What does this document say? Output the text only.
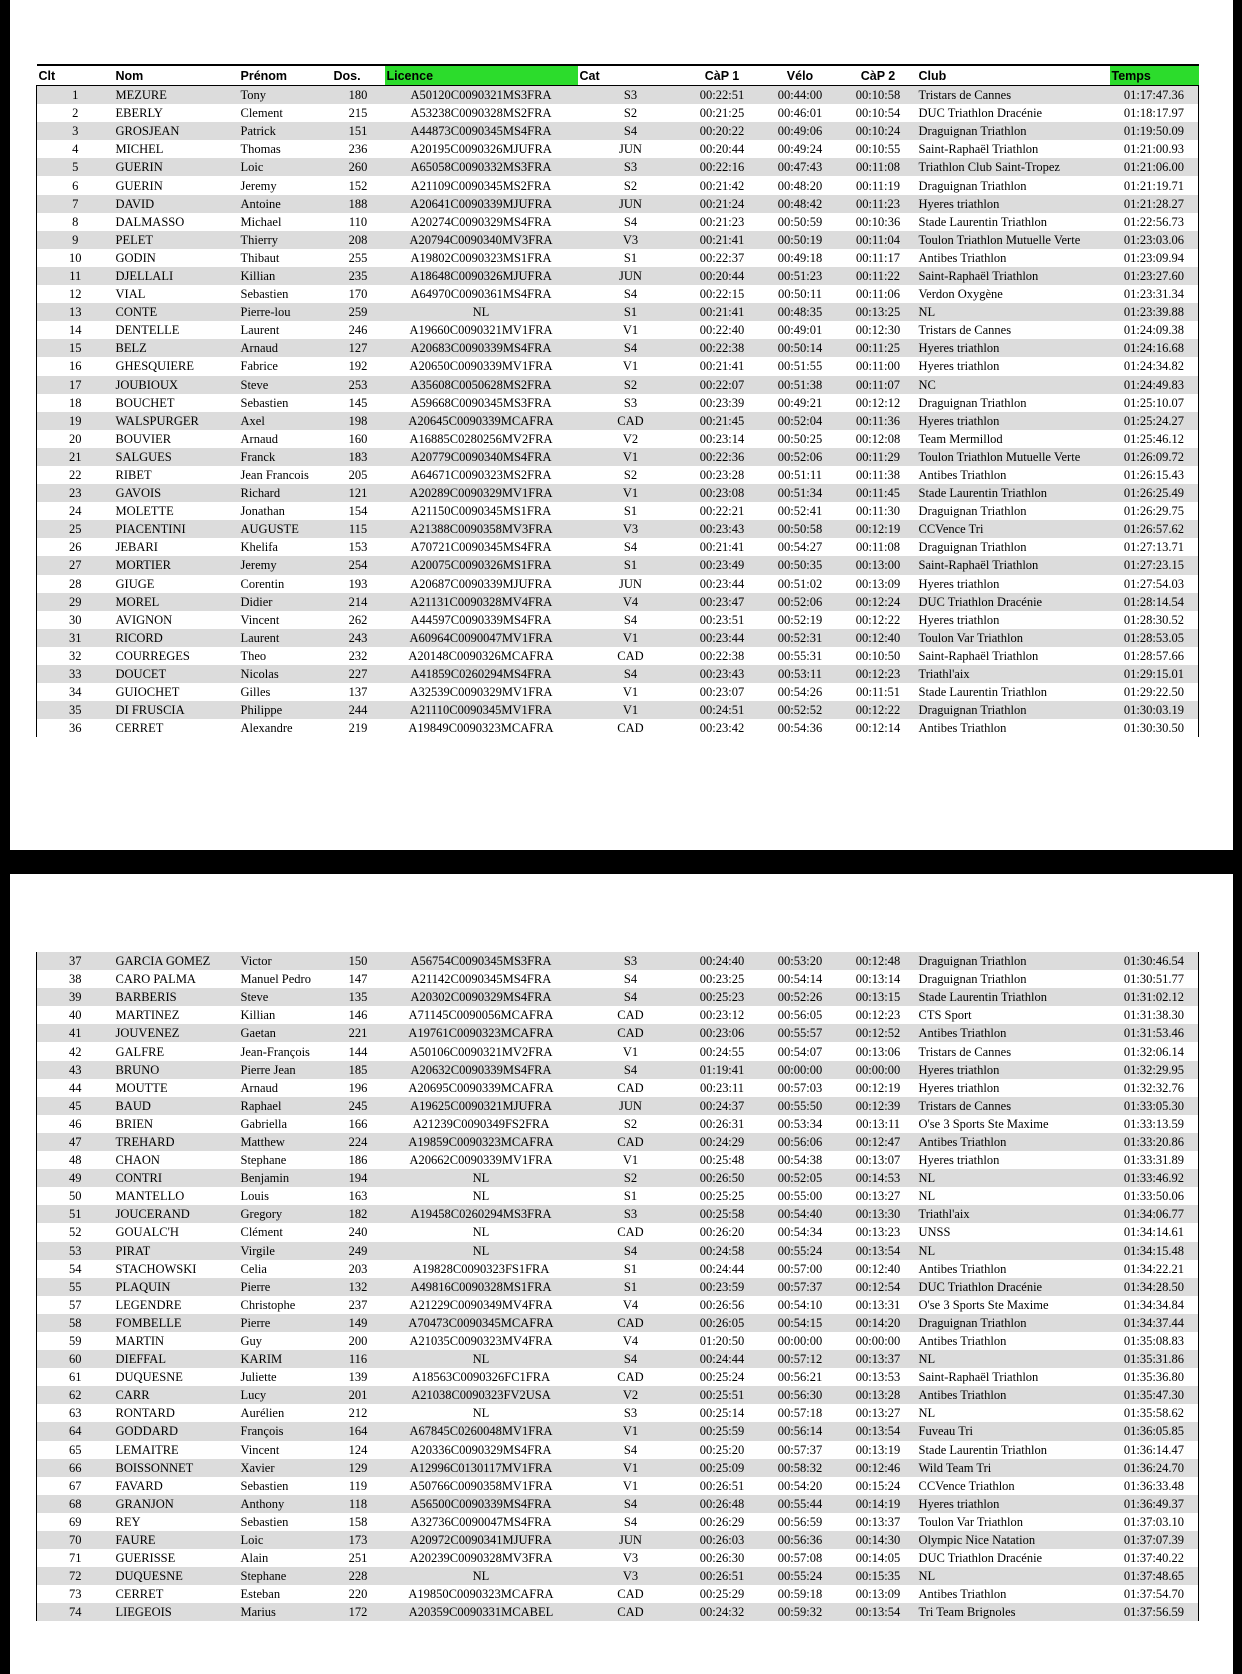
Clt	Nom	Prénom	Dos.	Licence	Cat	CàP 1	Vélo	CàP 2	Club	Temps
1	MEZURE	Tony	180	A50120C0090321MS3FRA	S3	00:22:51	00:44:00	00:10:58	Tristars de Cannes	01:17:47.36
2	EBERLY	Clement	215	A53238C0090328MS2FRA	S2	00:21:25	00:46:01	00:10:54	DUC Triathlon Dracénie	01:18:17.97
3	GROSJEAN	Patrick	151	A44873C0090345MS4FRA	S4	00:20:22	00:49:06	00:10:24	Draguignan Triathlon	01:19:50.09
4	MICHEL	Thomas	236	A20195C0090326MJUFRA	JUN	00:20:44	00:49:24	00:10:55	Saint-Raphaël Triathlon	01:21:00.93
5	GUERIN	Loic	260	A65058C0090332MS3FRA	S3	00:22:16	00:47:43	00:11:08	Triathlon Club Saint-Tropez	01:21:06.00
6	GUERIN	Jeremy	152	A21109C0090345MS2FRA	S2	00:21:42	00:48:20	00:11:19	Draguignan Triathlon	01:21:19.71
7	DAVID	Antoine	188	A20641C0090339MJUFRA	JUN	00:21:24	00:48:42	00:11:23	Hyeres triathlon	01:21:28.27
8	DALMASSO	Michael	110	A20274C0090329MS4FRA	S4	00:21:23	00:50:59	00:10:36	Stade Laurentin Triathlon	01:22:56.73
9	PELET	Thierry	208	A20794C0090340MV3FRA	V3	00:21:41	00:50:19	00:11:04	Toulon Triathlon Mutuelle Verte	01:23:03.06
10	GODIN	Thibaut	255	A19802C0090323MS1FRA	S1	00:22:37	00:49:18	00:11:17	Antibes Triathlon	01:23:09.94
11	DJELLALI	Killian	235	A18648C0090326MJUFRA	JUN	00:20:44	00:51:23	00:11:22	Saint-Raphaël Triathlon	01:23:27.60
12	VIAL	Sebastien	170	A64970C0090361MS4FRA	S4	00:22:15	00:50:11	00:11:06	Verdon Oxygène	01:23:31.34
13	CONTE	Pierre-lou	259	NL	S1	00:21:41	00:48:35	00:13:25	NL	01:23:39.88
14	DENTELLE	Laurent	246	A19660C0090321MV1FRA	V1	00:22:40	00:49:01	00:12:30	Tristars de Cannes	01:24:09.38
15	BELZ	Arnaud	127	A20683C0090339MS4FRA	S4	00:22:38	00:50:14	00:11:25	Hyeres triathlon	01:24:16.68
16	GHESQUIERE	Fabrice	192	A20650C0090339MV1FRA	V1	00:21:41	00:51:55	00:11:00	Hyeres triathlon	01:24:34.82
17	JOUBIOUX	Steve	253	A35608C0050628MS2FRA	S2	00:22:07	00:51:38	00:11:07	NC	01:24:49.83
18	BOUCHET	Sebastien	145	A59668C0090345MS3FRA	S3	00:23:39	00:49:21	00:12:12	Draguignan Triathlon	01:25:10.07
19	WALSPURGER	Axel	198	A20645C0090339MCAFRA	CAD	00:21:45	00:52:04	00:11:36	Hyeres triathlon	01:25:24.27
20	BOUVIER	Arnaud	160	A16885C0280256MV2FRA	V2	00:23:14	00:50:25	00:12:08	Team Mermillod	01:25:46.12
21	SALGUES	Franck	183	A20779C0090340MS4FRA	V1	00:22:36	00:52:06	00:11:29	Toulon Triathlon Mutuelle Verte	01:26:09.72
22	RIBET	Jean Francois	205	A64671C0090323MS2FRA	S2	00:23:28	00:51:11	00:11:38	Antibes Triathlon	01:26:15.43
23	GAVOIS	Richard	121	A20289C0090329MV1FRA	V1	00:23:08	00:51:34	00:11:45	Stade Laurentin Triathlon	01:26:25.49
24	MOLETTE	Jonathan	154	A21150C0090345MS1FRA	S1	00:22:21	00:52:41	00:11:30	Draguignan Triathlon	01:26:29.75
25	PIACENTINI	AUGUSTE	115	A21388C0090358MV3FRA	V3	00:23:43	00:50:58	00:12:19	CCVence Tri	01:26:57.62
26	JEBARI	Khelifa	153	A70721C0090345MS4FRA	S4	00:21:41	00:54:27	00:11:08	Draguignan Triathlon	01:27:13.71
27	MORTIER	Jeremy	254	A20075C0090326MS1FRA	S1	00:23:49	00:50:35	00:13:00	Saint-Raphaël Triathlon	01:27:23.15
28	GIUGE	Corentin	193	A20687C0090339MJUFRA	JUN	00:23:44	00:51:02	00:13:09	Hyeres triathlon	01:27:54.03
29	MOREL	Didier	214	A21131C0090328MV4FRA	V4	00:23:47	00:52:06	00:12:24	DUC Triathlon Dracénie	01:28:14.54
30	AVIGNON	Vincent	262	A44597C0090339MS4FRA	S4	00:23:51	00:52:19	00:12:22	Hyeres triathlon	01:28:30.52
31	RICORD	Laurent	243	A60964C0090047MV1FRA	V1	00:23:44	00:52:31	00:12:40	Toulon Var Triathlon	01:28:53.05
32	COURREGES	Theo	232	A20148C0090326MCAFRA	CAD	00:22:38	00:55:31	00:10:50	Saint-Raphaël Triathlon	01:28:57.66
33	DOUCET	Nicolas	227	A41859C0260294MS4FRA	S4	00:23:43	00:53:11	00:12:23	Triathl'aix	01:29:15.01
34	GUIOCHET	Gilles	137	A32539C0090329MV1FRA	V1	00:23:07	00:54:26	00:11:51	Stade Laurentin Triathlon	01:29:22.50
35	DI FRUSCIA	Philippe	244	A21110C0090345MV1FRA	V1	00:24:51	00:52:52	00:12:22	Draguignan Triathlon	01:30:03.19
36	CERRET	Alexandre	219	A19849C0090323MCAFRA	CAD	00:23:42	00:54:36	00:12:14	Antibes Triathlon	01:30:30.50
37	GARCIA GOMEZ	Victor	150	A56754C0090345MS3FRA	S3	00:24:40	00:53:20	00:12:48	Draguignan Triathlon	01:30:46.54
38	CARO PALMA	Manuel Pedro	147	A21142C0090345MS4FRA	S4	00:23:25	00:54:14	00:13:14	Draguignan Triathlon	01:30:51.77
39	BARBERIS	Steve	135	A20302C0090329MS4FRA	S4	00:25:23	00:52:26	00:13:15	Stade Laurentin Triathlon	01:31:02.12
40	MARTINEZ	Killian	146	A71145C0090056MCAFRA	CAD	00:23:12	00:56:05	00:12:23	CTS Sport	01:31:38.30
41	JOUVENEZ	Gaetan	221	A19761C0090323MCAFRA	CAD	00:23:06	00:55:57	00:12:52	Antibes Triathlon	01:31:53.46
42	GALFRE	Jean-François	144	A50106C0090321MV2FRA	V1	00:24:55	00:54:07	00:13:06	Tristars de Cannes	01:32:06.14
43	BRUNO	Pierre Jean	185	A20632C0090339MS4FRA	S4	01:19:41	00:00:00	00:00:00	Hyeres triathlon	01:32:29.95
44	MOUTTE	Arnaud	196	A20695C0090339MCAFRA	CAD	00:23:11	00:57:03	00:12:19	Hyeres triathlon	01:32:32.76
45	BAUD	Raphael	245	A19625C0090321MJUFRA	JUN	00:24:37	00:55:50	00:12:39	Tristars de Cannes	01:33:05.30
46	BRIEN	Gabriella	166	A21239C0090349FS2FRA	S2	00:26:31	00:53:34	00:13:11	O'se 3 Sports Ste Maxime	01:33:13.59
47	TREHARD	Matthew	224	A19859C0090323MCAFRA	CAD	00:24:29	00:56:06	00:12:47	Antibes Triathlon	01:33:20.86
48	CHAON	Stephane	186	A20662C0090339MV1FRA	V1	00:25:48	00:54:38	00:13:07	Hyeres triathlon	01:33:31.89
49	CONTRI	Benjamin	194	NL	S2	00:26:50	00:52:05	00:14:53	NL	01:33:46.92
50	MANTELLO	Louis	163	NL	S1	00:25:25	00:55:00	00:13:27	NL	01:33:50.06
51	JOUCERAND	Gregory	182	A19458C0260294MS3FRA	S3	00:25:58	00:54:40	00:13:30	Triathl'aix	01:34:06.77
52	GOUALC'H	Clément	240	NL	CAD	00:26:20	00:54:34	00:13:23	UNSS	01:34:14.61
53	PIRAT	Virgile	249	NL	S4	00:24:58	00:55:24	00:13:54	NL	01:34:15.48
54	STACHOWSKI	Celia	203	A19828C0090323FS1FRA	S1	00:24:44	00:57:00	00:12:40	Antibes Triathlon	01:34:22.21
55	PLAQUIN	Pierre	132	A49816C0090328MS1FRA	S1	00:23:59	00:57:37	00:12:54	DUC Triathlon Dracénie	01:34:28.50
57	LEGENDRE	Christophe	237	A21229C0090349MV4FRA	V4	00:26:56	00:54:10	00:13:31	O'se 3 Sports Ste Maxime	01:34:34.84
58	FOMBELLE	Pierre	149	A70473C0090345MCAFRA	CAD	00:26:05	00:54:15	00:14:20	Draguignan Triathlon	01:34:37.44
59	MARTIN	Guy	200	A21035C0090323MV4FRA	V4	01:20:50	00:00:00	00:00:00	Antibes Triathlon	01:35:08.83
60	DIEFFAL	KARIM	116	NL	S4	00:24:44	00:57:12	00:13:37	NL	01:35:31.86
61	DUQUESNE	Juliette	139	A18563C0090326FC1FRA	CAD	00:25:24	00:56:21	00:13:53	Saint-Raphaël Triathlon	01:35:36.80
62	CARR	Lucy	201	A21038C0090323FV2USA	V2	00:25:51	00:56:30	00:13:28	Antibes Triathlon	01:35:47.30
63	RONTARD	Aurélien	212	NL	S3	00:25:14	00:57:18	00:13:27	NL	01:35:58.62
64	GODDARD	François	164	A67845C0260048MV1FRA	V1	00:25:59	00:56:14	00:13:54	Fuveau Tri	01:36:05.85
65	LEMAITRE	Vincent	124	A20336C0090329MS4FRA	S4	00:25:20	00:57:37	00:13:19	Stade Laurentin Triathlon	01:36:14.47
66	BOISSONNET	Xavier	129	A12996C0130117MV1FRA	V1	00:25:09	00:58:32	00:12:46	Wild Team Tri	01:36:24.70
67	FAVARD	Sebastien	119	A50766C0090358MV1FRA	V1	00:26:51	00:54:20	00:15:24	CCVence Triathlon	01:36:33.48
68	GRANJON	Anthony	118	A56500C0090339MS4FRA	S4	00:26:48	00:55:44	00:14:19	Hyeres triathlon	01:36:49.37
69	REY	Sebastien	158	A32736C0090047MS4FRA	S4	00:26:29	00:56:59	00:13:37	Toulon Var Triathlon	01:37:03.10
70	FAURE	Loic	173	A20972C0090341MJUFRA	JUN	00:26:03	00:56:36	00:14:30	Olympic Nice Natation	01:37:07.39
71	GUERISSE	Alain	251	A20239C0090328MV3FRA	V3	00:26:30	00:57:08	00:14:05	DUC Triathlon Dracénie	01:37:40.22
72	DUQUESNE	Stephane	228	NL	V3	00:26:51	00:55:24	00:15:35	NL	01:37:48.65
73	CERRET	Esteban	220	A19850C0090323MCAFRA	CAD	00:25:29	00:59:18	00:13:09	Antibes Triathlon	01:37:54.70
74	LIEGEOIS	Marius	172	A20359C0090331MCABEL	CAD	00:24:32	00:59:32	00:13:54	Tri Team Brignoles	01:37:56.59
